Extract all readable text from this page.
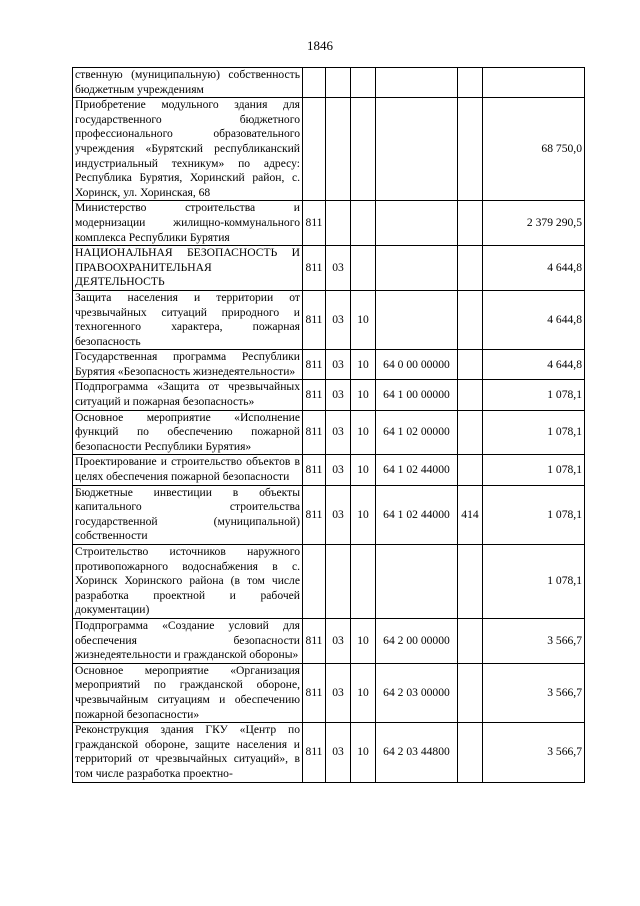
1846
ственную (муниципальную) собственность бюджетным учреждениям						
Приобретение модульного здания для государственного бюджетного профессионального образовательного учреждения «Бурятский республиканский индустриальный техникум» по адресу: Республика Бурятия, Хоринский район, с. Хоринск, ул. Хоринская, 68						68 750,0
Министерство строительства и модернизации жилищно-коммунального комплекса Республики Бурятия	811					2 379 290,5
НАЦИОНАЛЬНАЯ БЕЗОПАСНОСТЬ И ПРАВООХРАНИТЕЛЬНАЯ ДЕЯТЕЛЬНОСТЬ	811	03				4 644,8
Защита населения и территории от чрезвычайных ситуаций природного и техногенного характера, пожарная безопасность	811	03	10			4 644,8
Государственная программа Республики Бурятия «Безопасность жизнедеятельности»	811	03	10	64 0 00 00000		4 644,8
Подпрограмма «Защита от чрезвычайных ситуаций и пожарная безопасность»	811	03	10	64 1 00 00000		1 078,1
Основное мероприятие «Исполнение функций по обеспечению пожарной безопасности Республики Бурятия»	811	03	10	64 1 02 00000		1 078,1
Проектирование и строительство объектов в целях обеспечения пожарной безопасности	811	03	10	64 1 02 44000		1 078,1
Бюджетные инвестиции в объекты капитального строительства государственной (муниципальной) собственности	811	03	10	64 1 02 44000	414	1 078,1
Строительство источников наружного противопожарного водоснабжения в с. Хоринск Хоринского района (в том числе разработка проектной и рабочей документации)						1 078,1
Подпрограмма «Создание условий для обеспечения безопасности жизнедеятельности и гражданской обороны»	811	03	10	64 2 00 00000		3 566,7
Основное мероприятие «Организация мероприятий по гражданской обороне, чрезвычайным ситуациям и обеспечению пожарной безопасности»	811	03	10	64 2 03 00000		3 566,7
Реконструкция здания ГКУ «Центр по гражданской обороне, защите населения и территорий от чрезвычайных ситуаций», в том числе разработка проектно-	811	03	10	64 2 03 44800		3 566,7
